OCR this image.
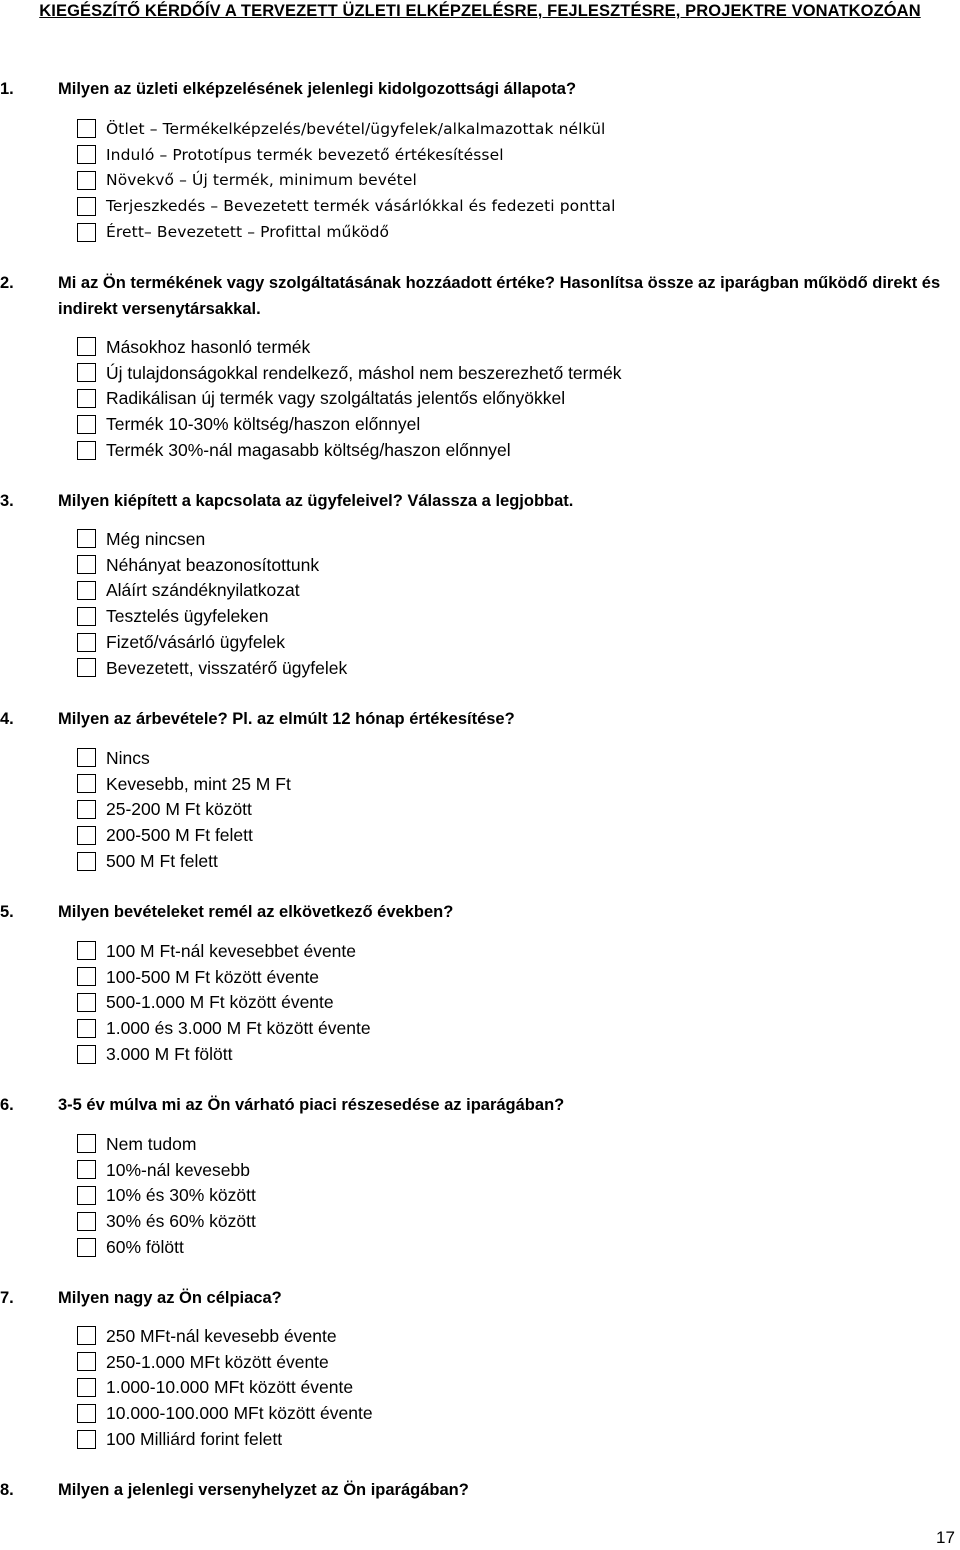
KIEGÉSZÍTŐ KÉRDŐÍV A TERVEZETT ÜZLETI ELKÉPZELÉSRE, FEJLESZTÉSRE, PROJEKTRE VONATKOZÓAN
1.	Milyen az üzleti elképzelésének jelenlegi kidolgozottsági állapota?
Ötlet – Termékelképzelés/bevétel/ügyfelek/alkalmazottak nélkül
Induló – Prototípus termék bevezető értékesítéssel
Növekvő – Új termék, minimum bevétel
Terjeszkedés – Bevezetett termék vásárlókkal és fedezeti ponttal
Érett– Bevezetett – Profittal működő
2.	Mi az Ön termékének vagy szolgáltatásának hozzáadott értéke? Hasonlítsa össze az iparágban működő direkt és indirekt versenytársakkal.
Másokhoz hasonló termék
Új tulajdonságokkal rendelkező, máshol nem beszerezhető termék
Radikálisan új termék vagy szolgáltatás jelentős előnyökkel
Termék 10-30% költség/haszon előnnyel
Termék 30%-nál magasabb költség/haszon előnnyel
3.	Milyen kiépített a kapcsolata az ügyfeleivel? Válassza a legjobbat.
Még nincsen
Néhányat beazonosítottunk
Aláírt szándéknyilatkozat
Tesztelés ügyfeleken
Fizető/vásárló ügyfelek
Bevezetett, visszatérő ügyfelek
4.	Milyen az árbevétele? Pl. az elmúlt 12 hónap értékesítése?
Nincs
Kevesebb, mint 25 M Ft
25-200 M Ft között
200-500 M Ft felett
500 M Ft felett
5.	Milyen bevételeket remél az elkövetkező években?
100 M Ft-nál kevesebbet évente
100-500 M Ft között évente
500-1.000 M Ft között évente
1.000 és 3.000 M Ft között évente
3.000 M Ft fölött
6.	3-5 év múlva mi az Ön várható piaci részesedése az iparágában?
Nem tudom
10%-nál kevesebb
10% és 30% között
30% és 60% között
60% fölött
7.	Milyen nagy az Ön célpiaca?
250 MFt-nál kevesebb évente
250-1.000 MFt között évente
1.000-10.000 MFt között évente
10.000-100.000 MFt között évente
100 Milliárd forint felett
8.	Milyen a jelenlegi versenyhelyzet az Ön iparágában?
17
